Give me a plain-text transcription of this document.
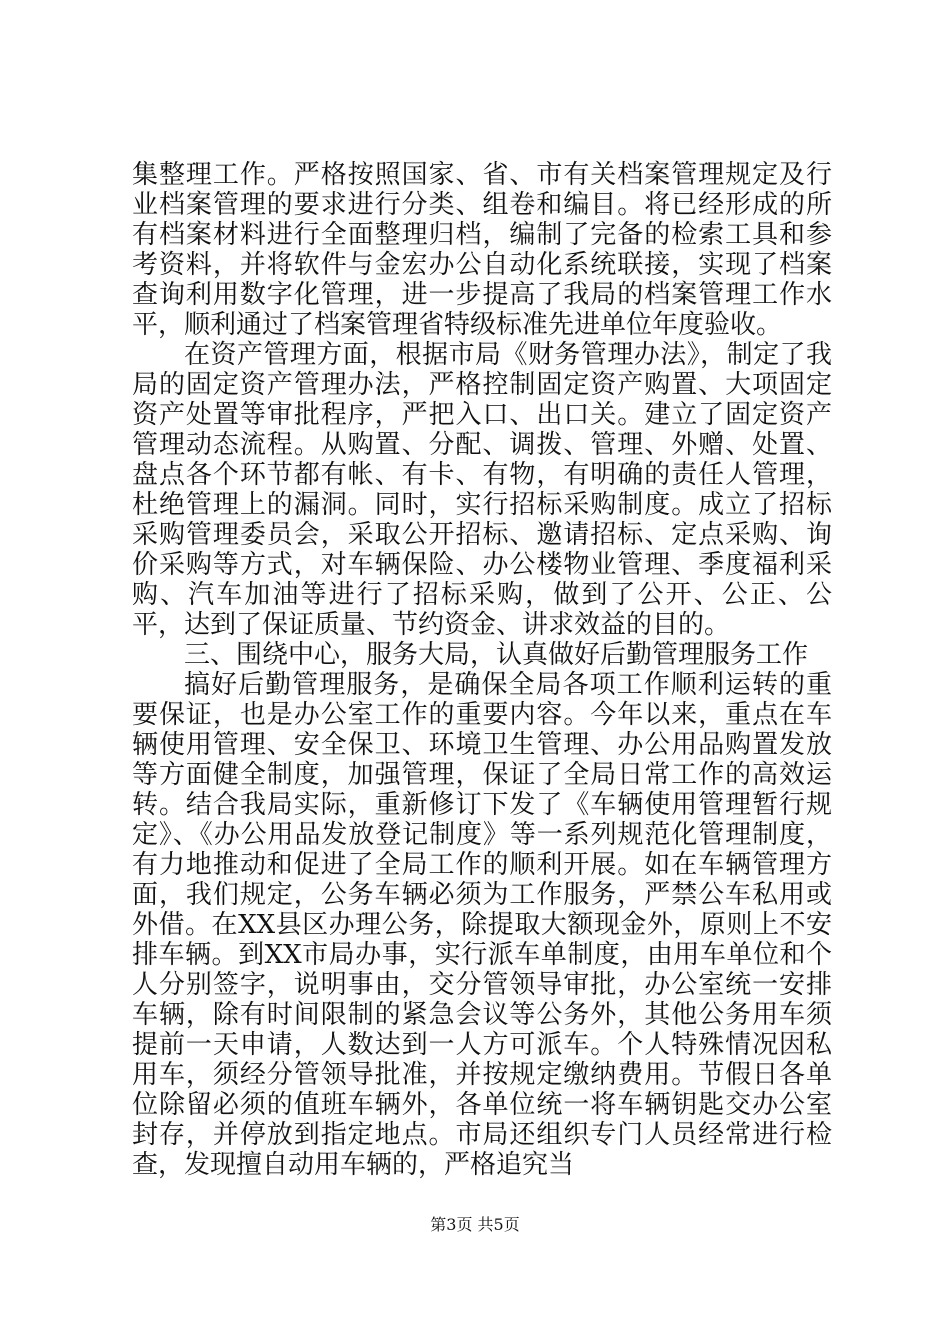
集整理工作。严格按照国家、省、市有关档案管理规定及行业档案管理的要求进行分类、组卷和编目。将已经形成的所有档案材料进行全面整理归档，编制了完备的检索工具和参考资料，并将软件与金宏办公自动化系统联接，实现了档案查询利用数字化管理，进一步提高了我局的档案管理工作水平，顺利通过了档案管理省特级标准先进单位年度验收。

在资产管理方面，根据市局《财务管理办法》，制定了我局的固定资产管理办法，严格控制固定资产购置、大项固定资产处置等审批程序，严把入口、出口关。建立了固定资产管理动态流程。从购置、分配、调拨、管理、外赠、处置、盘点各个环节都有帐、有卡、有物，有明确的责任人管理，杜绝管理上的漏洞。同时，实行招标采购制度。成立了招标采购管理委员会，采取公开招标、邀请招标、定点采购、询价采购等方式，对车辆保险、办公楼物业管理、季度福利采购、汽车加油等进行了招标采购，做到了公开、公正、公平，达到了保证质量、节约资金、讲求效益的目的。

三、围绕中心，服务大局，认真做好后勤管理服务工作

搞好后勤管理服务，是确保全局各项工作顺利运转的重要保证，也是办公室工作的重要内容。今年以来，重点在车辆使用管理、安全保卫、环境卫生管理、办公用品购置发放等方面健全制度，加强管理，保证了全局日常工作的高效运转。结合我局实际，重新修订下发了《车辆使用管理暂行规定》、《办公用品发放登记制度》等一系列规范化管理制度，有力地推动和促进了全局工作的顺利开展。如在车辆管理方面，我们规定，公务车辆必须为工作服务，严禁公车私用或外借。在XX县区办理公务，除提取大额现金外，原则上不安排车辆。到XX市局办事，实行派车单制度，由用车单位和个人分别签字，说明事由，交分管领导审批，办公室统一安排车辆，除有时间限制的紧急会议等公务外，其他公务用车须提前一天申请，人数达到一人方可派车。个人特殊情况因私用车，须经分管领导批准，并按规定缴纳费用。节假日各单位除留必须的值班车辆外，各单位统一将车辆钥匙交办公室封存，并停放到指定地点。市局还组织专门人员经常进行检查，发现擅自动用车辆的，严格追究当

第3页 共5页
